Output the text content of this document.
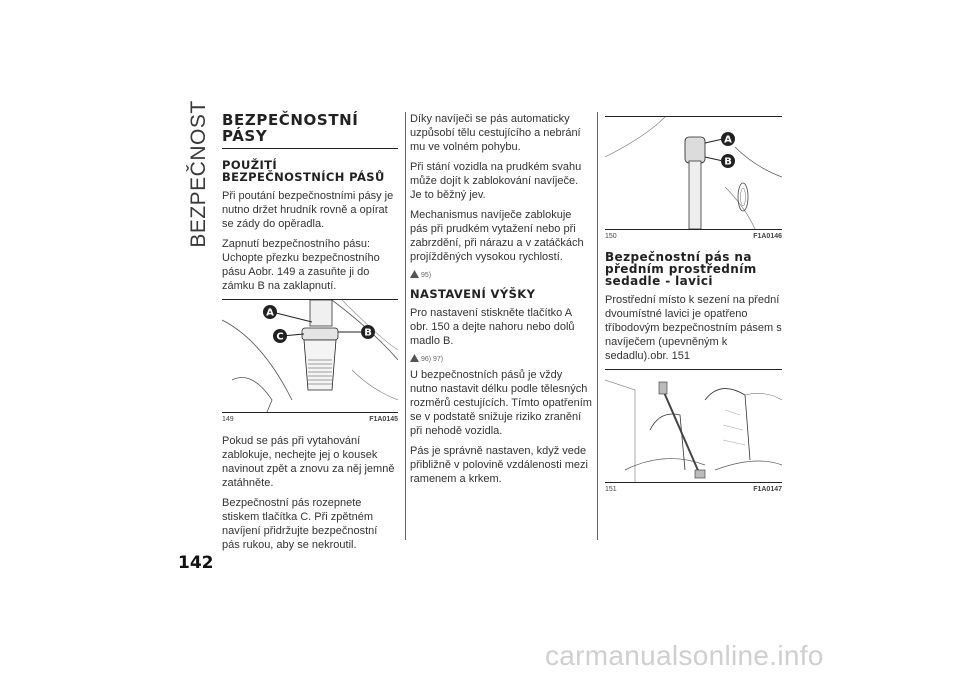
BEZPEČNOST BEZPEČNOSTNÍ PÁSY
POUŽITÍ BEZPEČNOSTNÍCH PÁSŮ

Při poutání bezpečnostními pásy je nutno držet hrudník rovně a opírat se zády do opěradla.

Zapnutí bezpečnostního pásu: Uchopte přezku bezpečnostního pásu Aobr. 149 a zasuňte ji do zámku B na zaklapnutí.

A
C	B
149	F1A0145

Pokud se pás při vytahování zablokuje, nechejte jej o kousek navinout zpět a znovu za něj jemně zatáhněte.

Bezpečnostní pás rozepnete stiskem tlačítka C. Při zpětném navíjení přidržujte bezpečnostní pás rukou, aby se nekroutil.

Díky navíječi se pás automaticky uzpůsobí tělu cestujícího a nebrání mu ve volném pohybu.

Při stání vozidla na prudkém svahu může dojít k zablokování navíječe. Je to běžný jev.

Mechanismus navíječe zablokuje pás při prudkém vytažení nebo při zabrzdění, při nárazu a v zatáčkách projížděných vysokou rychlostí.

95)
NASTAVENÍ VÝŠKY

Pro nastavení stiskněte tlačítko A obr. 150 a dejte nahoru nebo dolů madlo B.

96) 97)

U bezpečnostních pásů je vždy nutno nastavit délku podle tělesných rozměrů cestujících. Tímto opatřením se v podstatě snižuje riziko zranění při nehodě vozidla.

Pás je správně nastaven, když vede přibližně v polovině vzdálenosti mezi ramenem a krkem.

A
B
150	F1A0146
Bezpečnostní pás na předním prostředním sedadle - lavici

Prostřední místo k sezení na přední dvoumístné lavici je opatřeno tříbodovým bezpečnostním pásem s navíječem (upevněným k sedadlu).obr. 151

151	F1A0147
142
carmanualsonline.info
